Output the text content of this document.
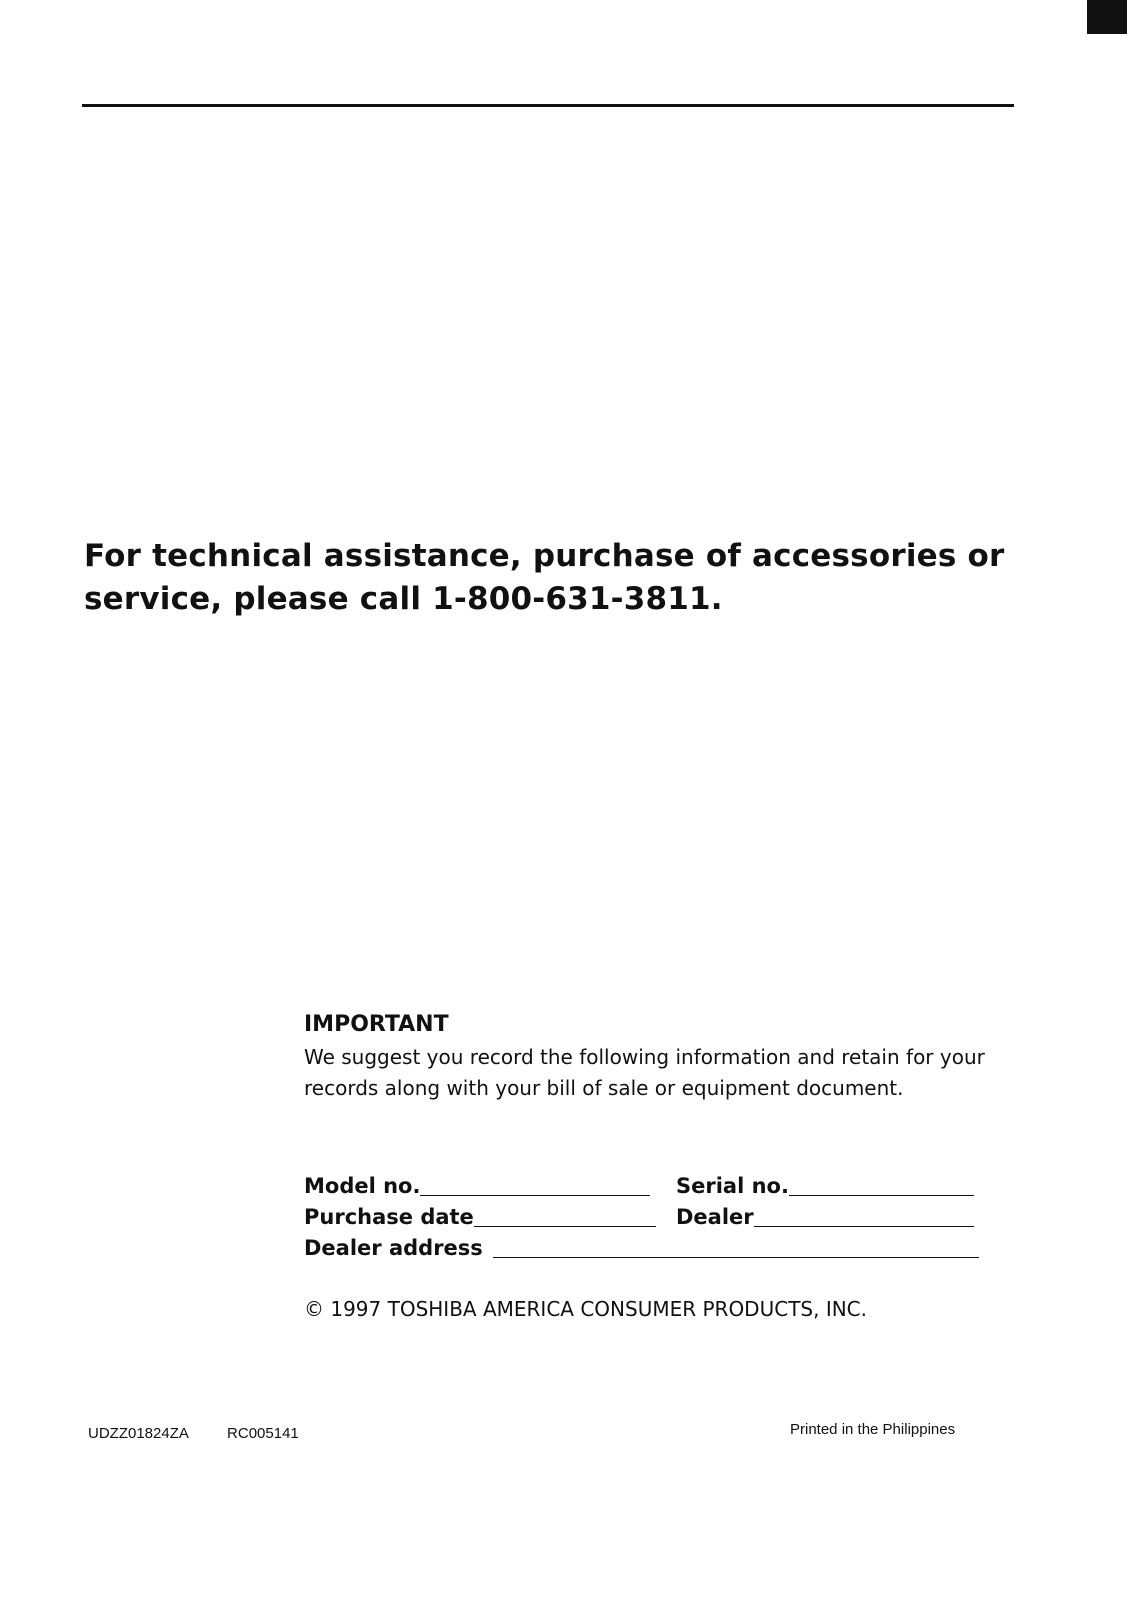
For technical assistance, purchase of accessories or
service, please call 1-800-631-3811.
IMPORTANT

We suggest you record the following information and retain for your records along with your bill of sale or equipment document.

Model no.	Serial no.
Purchase date	Dealer
Dealer address
© 1997 TOSHIBA AMERICA CONSUMER PRODUCTS, INC.
UDZZ01824ZA	RC005141	Printed in the Philippines
